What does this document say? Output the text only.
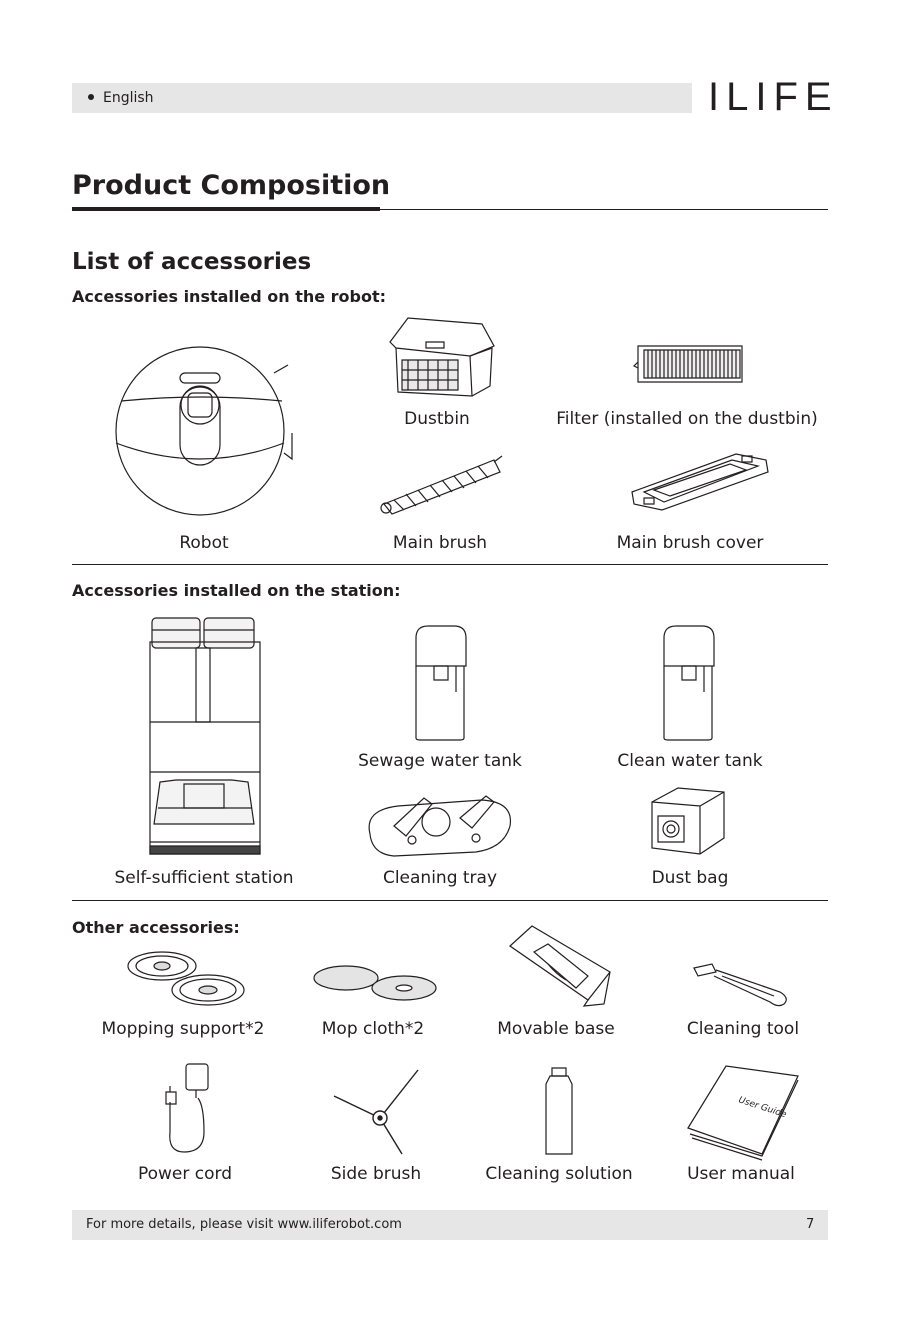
English	ILIFE
Product Composition
List of accessories
Accessories installed on the robot:
Dustbin	Filter (installed on the dustbin)
Robot	Main brush	Main brush cover
Accessories installed on the station:
Sewage water tank	Clean water tank
Self-sufficient station	Cleaning tray	Dust bag
Other accessories:
Mopping support*2	Mop cloth*2	Movable base	Cleaning tool
User Guide
Power cord	Side brush	Cleaning solution	User manual
For more details, please visit www.iliferobot.com	7
